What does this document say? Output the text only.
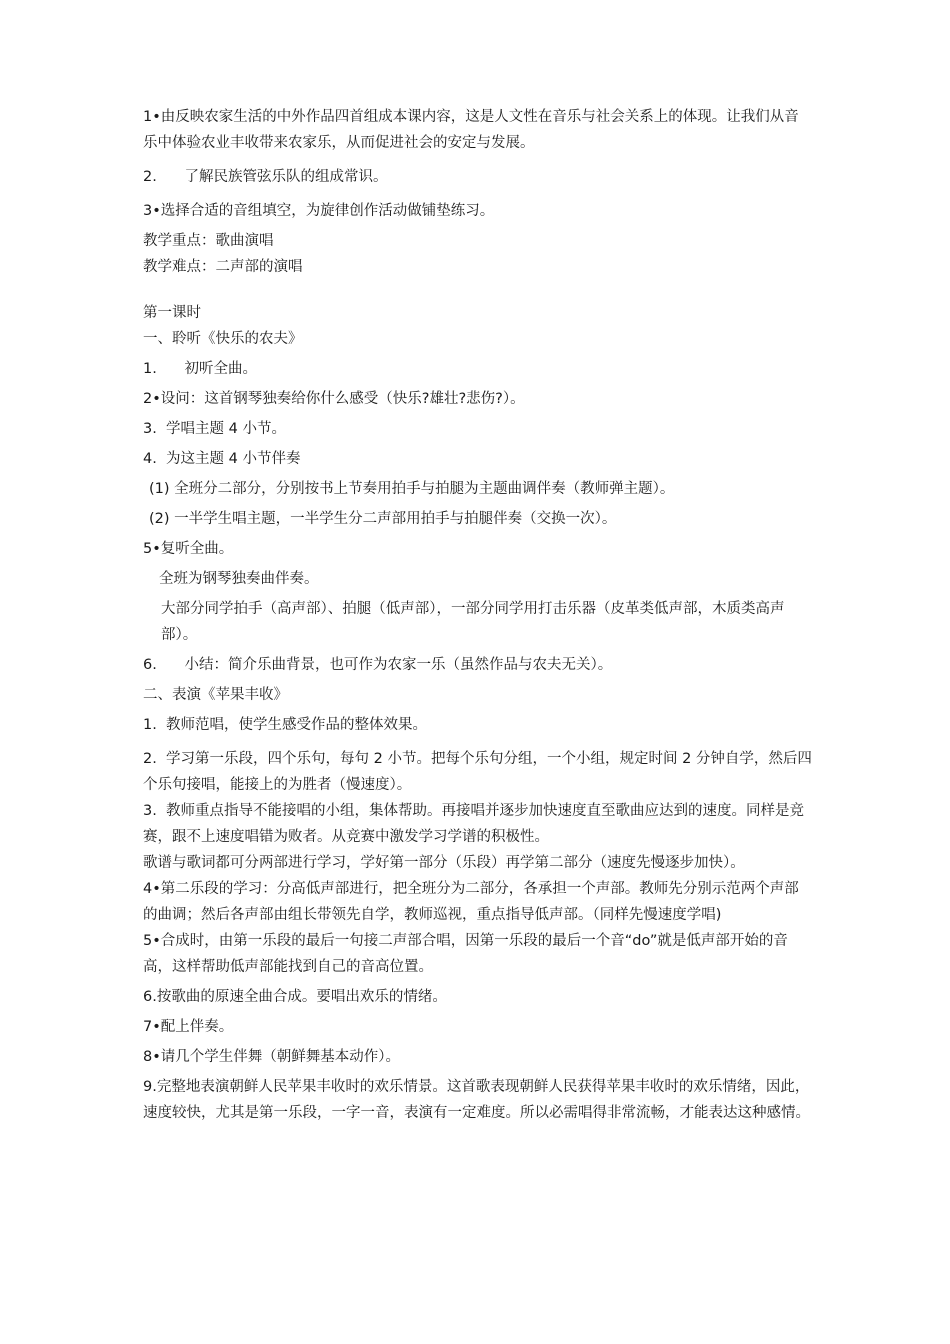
1•由反映农家生活的中外作品四首组成本课内容，这是人文性在音乐与社会关系上的体现。让我们从音乐中体验农业丰收带来农家乐，从而促进社会的安定与发展。

2.      了解民族管弦乐队的组成常识。

3•选择合适的音组填空，为旋律创作活动做铺垫练习。

教学重点：歌曲演唱

教学难点：二声部的演唱

第一课时

一、聆听《快乐的农夫》

1.      初听全曲。

2•设问：这首钢琴独奏给你什么感受（快乐?雄壮?悲伤?）。

3.  学唱主题 4 小节。

4.  为这主题 4 小节伴奏

(1) 全班分二部分，分别按书上节奏用拍手与拍腿为主题曲调伴奏（教师弹主题）。

(2) 一半学生唱主题，一半学生分二声部用拍手与拍腿伴奏（交换一次）。

5•复听全曲。

全班为钢琴独奏曲伴奏。

大部分同学拍手（高声部）、拍腿（低声部），一部分同学用打击乐器（皮革类低声部，木质类高声部）。

6.      小结：简介乐曲背景，也可作为农家一乐（虽然作品与农夫无关）。

二、表演《苹果丰收》

1.  教师范唱，使学生感受作品的整体效果。

2.  学习第一乐段，四个乐句，每句 2 小节。把每个乐句分组，一个小组，规定时间 2 分钟自学，然后四个乐句接唱，能接上的为胜者（慢速度）。

3.  教师重点指导不能接唱的小组，集体帮助。再接唱并逐步加快速度直至歌曲应达到的速度。同样是竞赛，跟不上速度唱错为败者。从竞赛中激发学习学谱的积极性。

歌谱与歌词都可分两部进行学习，学好第一部分（乐段）再学第二部分（速度先慢逐步加快）。

4•第二乐段的学习：分高低声部进行，把全班分为二部分，各承担一个声部。教师先分别示范两个声部的曲调；然后各声部由组长带领先自学，教师巡视，重点指导低声部。（同样先慢速度学唱)

5•合成时，由第一乐段的最后一句接二声部合唱，因第一乐段的最后一个音“do”就是低声部开始的音高，这样帮助低声部能找到自己的音高位置。

6.按歌曲的原速全曲合成。要唱出欢乐的情绪。

7•配上伴奏。

8•请几个学生伴舞（朝鲜舞基本动作）。

9.完整地表演朝鲜人民苹果丰收时的欢乐情景。这首歌表现朝鲜人民获得苹果丰收时的欢乐情绪，因此，速度较快，尤其是第一乐段，一字一音，表演有一定难度。所以必需唱得非常流畅，才能表达这种感情。
